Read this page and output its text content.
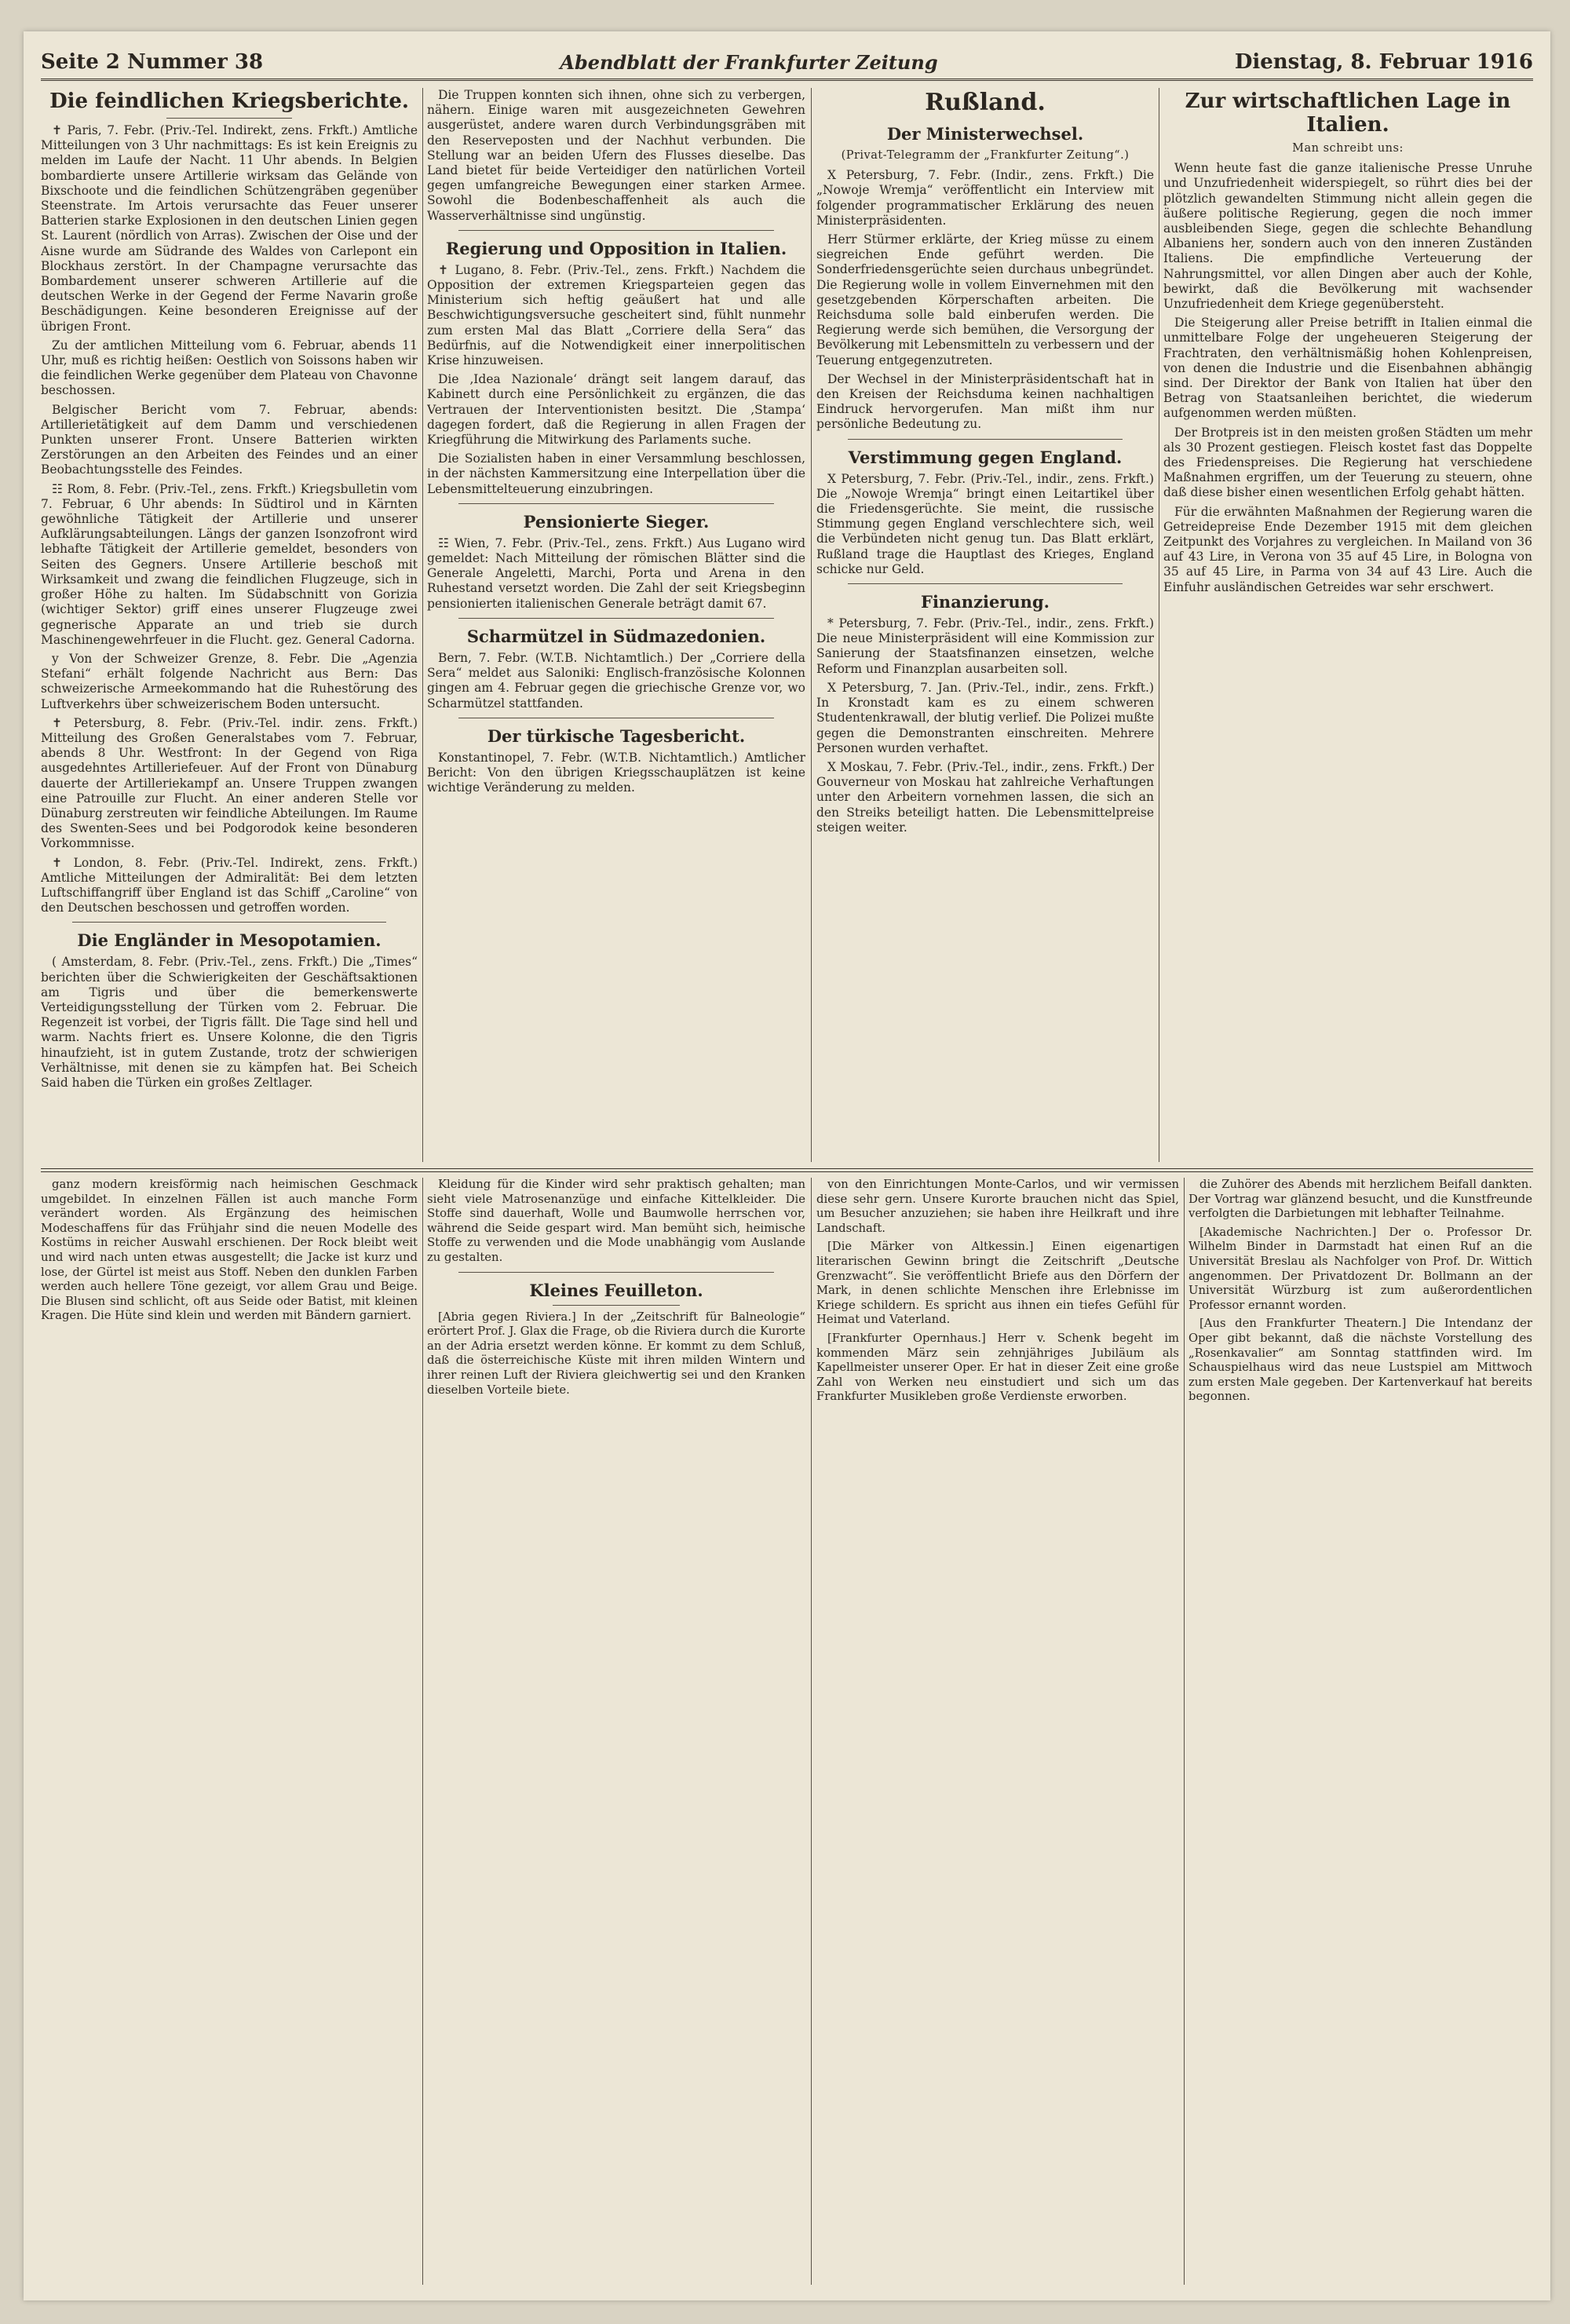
Seite 2 Nummer 38	Abendblatt der Frankfurter Zeitung	Dienstag, 8. Februar 1916
Die feindlichen Kriegsberichte.

✝ Paris, 7. Febr. (Priv.-Tel. Indirekt, zens. Frkft.) Amtliche Mitteilungen von 3 Uhr nachmittags: Es ist kein Ereignis zu melden im Laufe der Nacht. 11 Uhr abends. In Belgien bombardierte unsere Artillerie wirksam das Gelände von Bixschoote und die feindlichen Schützengräben gegenüber Steenstrate. Im Artois verursachte das Feuer unserer Batterien starke Explosionen in den deutschen Linien gegen St. Laurent (nördlich von Arras). Zwischen der Oise und der Aisne wurde am Südrande des Waldes von Carlepont ein Blockhaus zerstört. In der Champagne verursachte das Bombardement unserer schweren Artillerie auf die deutschen Werke in der Gegend der Ferme Navarin große Beschädigungen. Keine besonderen Ereignisse auf der übrigen Front.

Zu der amtlichen Mitteilung vom 6. Februar, abends 11 Uhr, muß es richtig heißen: Oestlich von Soissons haben wir die feindlichen Werke gegenüber dem Plateau von Chavonne beschossen.

Belgischer Bericht vom 7. Februar, abends: Artillerietätigkeit auf dem Damm und verschiedenen Punkten unserer Front. Unsere Batterien wirkten Zerstörungen an den Arbeiten des Feindes und an einer Beobachtungsstelle des Feindes.

☷ Rom, 8. Febr. (Priv.-Tel., zens. Frkft.) Kriegsbulletin vom 7. Februar, 6 Uhr abends: In Südtirol und in Kärnten gewöhnliche Tätigkeit der Artillerie und unserer Aufklärungsabteilungen. Längs der ganzen Isonzofront wird lebhafte Tätigkeit der Artillerie gemeldet, besonders von Seiten des Gegners. Unsere Artillerie beschoß mit Wirksamkeit und zwang die feindlichen Flugzeuge, sich in großer Höhe zu halten. Im Südabschnitt von Gorizia (wichtiger Sektor) griff eines unserer Flugzeuge zwei gegnerische Apparate an und trieb sie durch Maschinengewehrfeuer in die Flucht. gez. General Cadorna.

y Von der Schweizer Grenze, 8. Febr. Die „Agenzia Stefani“ erhält folgende Nachricht aus Bern: Das schweizerische Armeekommando hat die Ruhestörung des Luftverkehrs über schweizerischem Boden untersucht.

✝ Petersburg, 8. Febr. (Priv.-Tel. indir. zens. Frkft.) Mitteilung des Großen Generalstabes vom 7. Februar, abends 8 Uhr. Westfront: In der Gegend von Riga ausgedehntes Artilleriefeuer. Auf der Front von Dünaburg dauerte der Artilleriekampf an. Unsere Truppen zwangen eine Patrouille zur Flucht. An einer anderen Stelle vor Dünaburg zerstreuten wir feindliche Abteilungen. Im Raume des Swenten-Sees und bei Podgorodok keine besonderen Vorkommnisse.

✝ London, 8. Febr. (Priv.-Tel. Indirekt, zens. Frkft.) Amtliche Mitteilungen der Admiralität: Bei dem letzten Luftschiffangriff über England ist das Schiff „Caroline“ von den Deutschen beschossen und getroffen worden.

Die Engländer in Mesopotamien.

( Amsterdam, 8. Febr. (Priv.-Tel., zens. Frkft.) Die „Times“ berichten über die Schwierigkeiten der Geschäftsaktionen am Tigris und über die bemerkenswerte Verteidigungsstellung der Türken vom 2. Februar. Die Regenzeit ist vorbei, der Tigris fällt. Die Tage sind hell und warm. Nachts friert es. Unsere Kolonne, die den Tigris hinaufzieht, ist in gutem Zustande, trotz der schwierigen Verhältnisse, mit denen sie zu kämpfen hat. Bei Scheich Said haben die Türken ein großes Zeltlager.

Die Truppen konnten sich ihnen, ohne sich zu verbergen, nähern. Einige waren mit ausgezeichneten Gewehren ausgerüstet, andere waren durch Verbindungsgräben mit den Reserveposten und der Nachhut verbunden. Die Stellung war an beiden Ufern des Flusses dieselbe. Das Land bietet für beide Verteidiger den natürlichen Vorteil gegen umfangreiche Bewegungen einer starken Armee. Sowohl die Bodenbeschaffenheit als auch die Wasserverhältnisse sind ungünstig.

Regierung und Opposition in Italien.

✝ Lugano, 8. Febr. (Priv.-Tel., zens. Frkft.) Nachdem die Opposition der extremen Kriegsparteien gegen das Ministerium sich heftig geäußert hat und alle Beschwichtigungsversuche gescheitert sind, fühlt nunmehr zum ersten Mal das Blatt „Corriere della Sera“ das Bedürfnis, auf die Notwendigkeit einer innerpolitischen Krise hinzuweisen.

Die ‚Idea Nazionale‘ drängt seit langem darauf, das Kabinett durch eine Persönlichkeit zu ergänzen, die das Vertrauen der Interventionisten besitzt. Die ‚Stampa‘ dagegen fordert, daß die Regierung in allen Fragen der Kriegführung die Mitwirkung des Parlaments suche.

Die Sozialisten haben in einer Versammlung beschlossen, in der nächsten Kammersitzung eine Interpellation über die Lebensmittelteuerung einzubringen.

Pensionierte Sieger.

☷ Wien, 7. Febr. (Priv.-Tel., zens. Frkft.) Aus Lugano wird gemeldet: Nach Mitteilung der römischen Blätter sind die Generale Angeletti, Marchi, Porta und Arena in den Ruhestand versetzt worden. Die Zahl der seit Kriegsbeginn pensionierten italienischen Generale beträgt damit 67.

Scharmützel in Südmazedonien.

Bern, 7. Febr. (W.T.B. Nichtamtlich.) Der „Corriere della Sera“ meldet aus Saloniki: Englisch-französische Kolonnen gingen am 4. Februar gegen die griechische Grenze vor, wo Scharmützel stattfanden.

Der türkische Tagesbericht.

Konstantinopel, 7. Febr. (W.T.B. Nichtamtlich.) Amtlicher Bericht: Von den übrigen Kriegsschauplätzen ist keine wichtige Veränderung zu melden.

Rußland.
Der Ministerwechsel.
(Privat-Telegramm der „Frankfurter Zeitung“.)

X Petersburg, 7. Febr. (Indir., zens. Frkft.) Die „Nowoje Wremja“ veröffentlicht ein Interview mit folgender programmatischer Erklärung des neuen Ministerpräsidenten.

Herr Stürmer erklärte, der Krieg müsse zu einem siegreichen Ende geführt werden. Die Sonderfriedensgerüchte seien durchaus unbegründet. Die Regierung wolle in vollem Einvernehmen mit den gesetzgebenden Körperschaften arbeiten. Die Reichsduma solle bald einberufen werden. Die Regierung werde sich bemühen, die Versorgung der Bevölkerung mit Lebensmitteln zu verbessern und der Teuerung entgegenzutreten.

Der Wechsel in der Ministerpräsidentschaft hat in den Kreisen der Reichsduma keinen nachhaltigen Eindruck hervorgerufen. Man mißt ihm nur persönliche Bedeutung zu.

Verstimmung gegen England.

X Petersburg, 7. Febr. (Priv.-Tel., indir., zens. Frkft.) Die „Nowoje Wremja“ bringt einen Leitartikel über die Friedensgerüchte. Sie meint, die russische Stimmung gegen England verschlechtere sich, weil die Verbündeten nicht genug tun. Das Blatt erklärt, Rußland trage die Hauptlast des Krieges, England schicke nur Geld.

Finanzierung.

* Petersburg, 7. Febr. (Priv.-Tel., indir., zens. Frkft.) Die neue Ministerpräsident will eine Kommission zur Sanierung der Staatsfinanzen einsetzen, welche Reform und Finanzplan ausarbeiten soll.

X Petersburg, 7. Jan. (Priv.-Tel., indir., zens. Frkft.) In Kronstadt kam es zu einem schweren Studentenkrawall, der blutig verlief. Die Polizei mußte gegen die Demonstranten einschreiten. Mehrere Personen wurden verhaftet.

X Moskau, 7. Febr. (Priv.-Tel., indir., zens. Frkft.) Der Gouverneur von Moskau hat zahlreiche Verhaftungen unter den Arbeitern vornehmen lassen, die sich an den Streiks beteiligt hatten. Die Lebensmittelpreise steigen weiter.

Zur wirtschaftlichen Lage in Italien.
Man schreibt uns:

Wenn heute fast die ganze italienische Presse Unruhe und Unzufriedenheit widerspiegelt, so rührt dies bei der plötzlich gewandelten Stimmung nicht allein gegen die äußere politische Regierung, gegen die noch immer ausbleibenden Siege, gegen die schlechte Behandlung Albaniens her, sondern auch von den inneren Zuständen Italiens. Die empfindliche Verteuerung der Nahrungsmittel, vor allen Dingen aber auch der Kohle, bewirkt, daß die Bevölkerung mit wachsender Unzufriedenheit dem Kriege gegenübersteht.

Die Steigerung aller Preise betrifft in Italien einmal die unmittelbare Folge der ungeheueren Steigerung der Frachtraten, den verhältnismäßig hohen Kohlenpreisen, von denen die Industrie und die Eisenbahnen abhängig sind. Der Direktor der Bank von Italien hat über den Betrag von Staatsanleihen berichtet, die wiederum aufgenommen werden müßten.

Der Brotpreis ist in den meisten großen Städten um mehr als 30 Prozent gestiegen. Fleisch kostet fast das Doppelte des Friedenspreises. Die Regierung hat verschiedene Maßnahmen ergriffen, um der Teuerung zu steuern, ohne daß diese bisher einen wesentlichen Erfolg gehabt hätten.

Für die erwähnten Maßnahmen der Regierung waren die Getreidepreise Ende Dezember 1915 mit dem gleichen Zeitpunkt des Vorjahres zu vergleichen. In Mailand von 36 auf 43 Lire, in Verona von 35 auf 45 Lire, in Bologna von 35 auf 45 Lire, in Parma von 34 auf 43 Lire. Auch die Einfuhr ausländischen Getreides war sehr erschwert.

ganz modern kreisförmig nach heimischen Geschmack umgebildet. In einzelnen Fällen ist auch manche Form verändert worden. Als Ergänzung des heimischen Modeschaffens für das Frühjahr sind die neuen Modelle des Kostüms in reicher Auswahl erschienen. Der Rock bleibt weit und wird nach unten etwas ausgestellt; die Jacke ist kurz und lose, der Gürtel ist meist aus Stoff. Neben den dunklen Farben werden auch hellere Töne gezeigt, vor allem Grau und Beige. Die Blusen sind schlicht, oft aus Seide oder Batist, mit kleinen Kragen. Die Hüte sind klein und werden mit Bändern garniert.

Kleidung für die Kinder wird sehr praktisch gehalten; man sieht viele Matrosenanzüge und einfache Kittelkleider. Die Stoffe sind dauerhaft, Wolle und Baumwolle herrschen vor, während die Seide gespart wird. Man bemüht sich, heimische Stoffe zu verwenden und die Mode unabhängig vom Auslande zu gestalten.

Kleines Feuilleton.

[Abria gegen Riviera.] In der „Zeitschrift für Balneologie“ erörtert Prof. J. Glax die Frage, ob die Riviera durch die Kurorte an der Adria ersetzt werden könne. Er kommt zu dem Schluß, daß die österreichische Küste mit ihren milden Wintern und ihrer reinen Luft der Riviera gleichwertig sei und den Kranken dieselben Vorteile biete.

von den Einrichtungen Monte-Carlos, und wir vermissen diese sehr gern. Unsere Kurorte brauchen nicht das Spiel, um Besucher anzuziehen; sie haben ihre Heilkraft und ihre Landschaft.

[Die Märker von Altkessin.] Einen eigenartigen literarischen Gewinn bringt die Zeitschrift „Deutsche Grenzwacht“. Sie veröffentlicht Briefe aus den Dörfern der Mark, in denen schlichte Menschen ihre Erlebnisse im Kriege schildern. Es spricht aus ihnen ein tiefes Gefühl für Heimat und Vaterland.

[Frankfurter Opernhaus.] Herr v. Schenk begeht im kommenden März sein zehnjähriges Jubiläum als Kapellmeister unserer Oper. Er hat in dieser Zeit eine große Zahl von Werken neu einstudiert und sich um das Frankfurter Musikleben große Verdienste erworben.

die Zuhörer des Abends mit herzlichem Beifall dankten. Der Vortrag war glänzend besucht, und die Kunstfreunde verfolgten die Darbietungen mit lebhafter Teilnahme.

[Akademische Nachrichten.] Der o. Professor Dr. Wilhelm Binder in Darmstadt hat einen Ruf an die Universität Breslau als Nachfolger von Prof. Dr. Wittich angenommen. Der Privatdozent Dr. Bollmann an der Universität Würzburg ist zum außerordentlichen Professor ernannt worden.

[Aus den Frankfurter Theatern.] Die Intendanz der Oper gibt bekannt, daß die nächste Vorstellung des „Rosenkavalier“ am Sonntag stattfinden wird. Im Schauspielhaus wird das neue Lustspiel am Mittwoch zum ersten Male gegeben. Der Kartenverkauf hat bereits begonnen.
